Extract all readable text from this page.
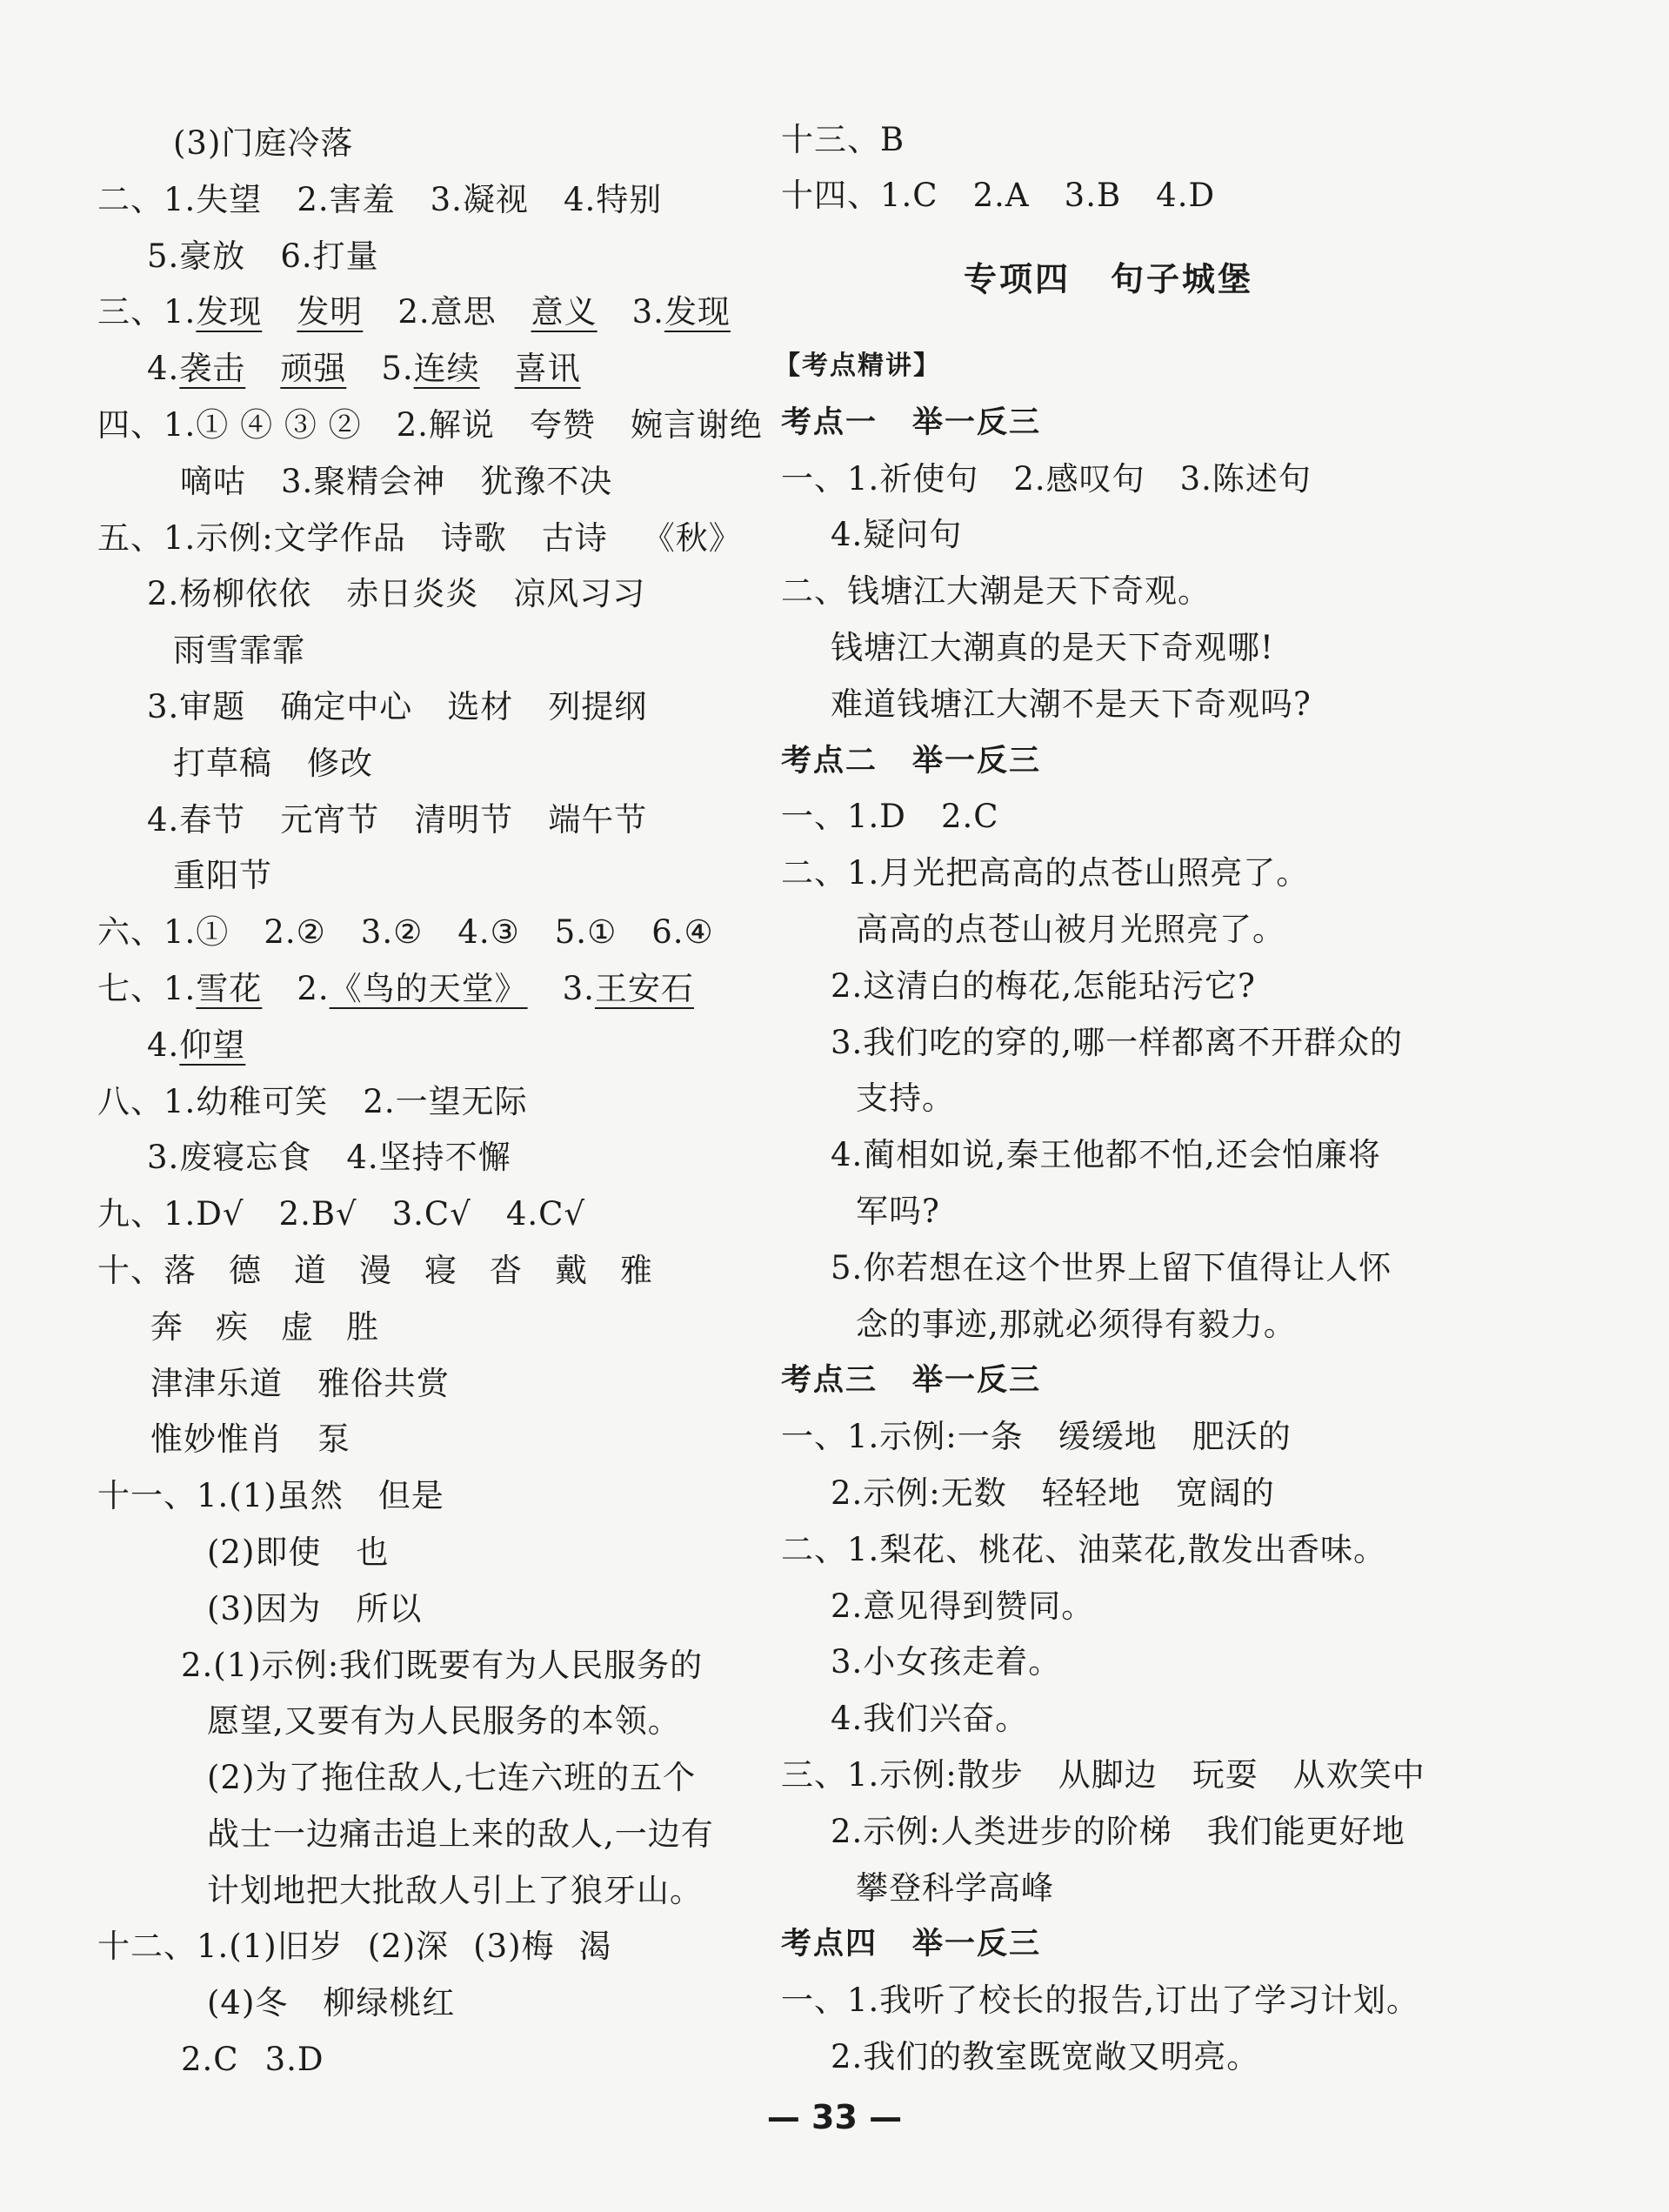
(3)门庭冷落
二、1.失望 2.害羞 3.凝视 4.特别
5.豪放 6.打量
三、1.发现 发明 2.意思 意义 3.发现
4.袭击 顽强 5.连续 喜讯
四、1.① ④ ③ ② 2.解说 夸赞 婉言谢绝
嘀咕 3.聚精会神 犹豫不决
五、1.示例:文学作品 诗歌 古诗 《秋》
2.杨柳依依 赤日炎炎 凉风习习
雨雪霏霏
3.审题 确定中心 选材 列提纲
打草稿 修改
4.春节 元宵节 清明节 端午节
重阳节
六、1.① 2.② 3.② 4.③ 5.① 6.④
七、1.雪花 2.《鸟的天堂》 3.王安石
4.仰望
八、1.幼稚可笑 2.一望无际
3.废寝忘食 4.坚持不懈
九、1.D√ 2.B√ 3.C√ 4.C√
十、落 德 道 漫 寝 沓 戴 雅
奔 疾 虚 胜
津津乐道 雅俗共赏
惟妙惟肖 泵
十一、1.(1)虽然 但是
(2)即使 也
(3)因为 所以
2.(1)示例:我们既要有为人民服务的
愿望,又要有为人民服务的本领。
(2)为了拖住敌人,七连六班的五个
战士一边痛击追上来的敌人,一边有
计划地把大批敌人引上了狼牙山。
十二、1.(1)旧岁 (2)深 (3)梅 渴
(4)冬 柳绿桃红
2.C 3.D
十三、B
十四、1.C 2.A 3.B 4.D
专项四 句子城堡
【考点精讲】
考点一 举一反三
一、1.祈使句 2.感叹句 3.陈述句
4.疑问句
二、钱塘江大潮是天下奇观。
钱塘江大潮真的是天下奇观哪!
难道钱塘江大潮不是天下奇观吗?
考点二 举一反三
一、1.D 2.C
二、1.月光把高高的点苍山照亮了。
高高的点苍山被月光照亮了。
2.这清白的梅花,怎能玷污它?
3.我们吃的穿的,哪一样都离不开群众的
支持。
4.蔺相如说,秦王他都不怕,还会怕廉将
军吗?
5.你若想在这个世界上留下值得让人怀
念的事迹,那就必须得有毅力。
考点三 举一反三
一、1.示例:一条 缓缓地 肥沃的
2.示例:无数 轻轻地 宽阔的
二、1.梨花、桃花、油菜花,散发出香味。
2.意见得到赞同。
3.小女孩走着。
4.我们兴奋。
三、1.示例:散步 从脚边 玩耍 从欢笑中
2.示例:人类进步的阶梯 我们能更好地
攀登科学高峰
考点四 举一反三
一、1.我听了校长的报告,订出了学习计划。
2.我们的教室既宽敞又明亮。
— 33 —
